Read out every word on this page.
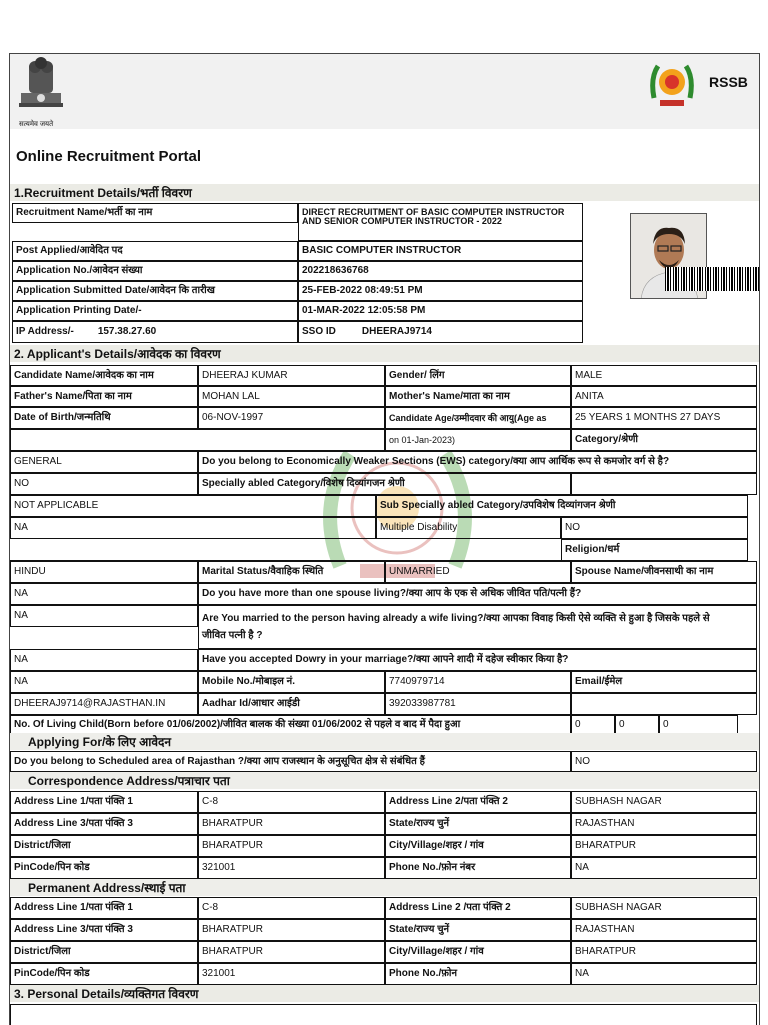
सत्यमेव जयते
RSSB
Online Recruitment Portal
1.Recruitment Details/भर्ती विवरण
Recruitment Name/भर्ती का नाम	DIRECT RECRUITMENT OF BASIC COMPUTER INSTRUCTOR AND SENIOR COMPUTER INSTRUCTOR - 2022
Post Applied/आवेदित पद	BASIC COMPUTER INSTRUCTOR
Application No./आवेदन संख्या	202218636768
Application Submitted Date/आवेदन कि तारीख	25-FEB-2022 08:49:51 PM
Application Printing Date/-	01-MAR-2022 12:05:58 PM
IP Address/- 157.38.27.60	SSO ID	DHEERAJ9714
2. Applicant's Details/आवेदक का विवरण
Candidate Name/आवेदक का नाम	DHEERAJ KUMAR	Gender/ लिंग	MALE
Father's Name/पिता का नाम	MOHAN LAL	Mother's Name/माता का नाम	ANITA
Date of Birth/जन्मतिथि	06-NOV-1997	Candidate Age/उम्मीदवार की आयु(Age as	25 YEARS 1 MONTHS 27 DAYS
on 01-Jan-2023)	Category/श्रेणी
GENERAL	Do you belong to Economically Weaker Sections (EWS) category/क्या आप आर्थिक रूप से कमजोर वर्ग से है?
NO	Specially abled Category/विशेष दिव्यांगजन श्रेणी
NOT APPLICABLE	Sub Specially abled Category/उपविशेष दिव्यांगजन श्रेणी
NA	Multiple Disability	NO
Religion/धर्म
HINDU	Marital Status/वैवाहिक स्थिति	UNMARRIED	Spouse Name/जीवनसाथी का नाम
NA	Do you have more than one spouse living?/क्या आप के एक से अधिक जीवित पति/पत्नी हैं?
NA	Are You married to the person having already a wife living?/क्या आपका विवाह किसी ऐसे व्यक्ति से हुआ है जिसके पहले से
जीवित पत्नी है ?
NA	Have you accepted Dowry in your marriage?/क्या आपने शादी में दहेज स्वीकार किया है?
NA	Mobile No./मोबाइल नं.	7740979714	Email/ईमेल
DHEERAJ9714@RAJASTHAN.IN	Aadhar Id/आधार आईडी	392033987781
No. Of Living Child(Born before 01/06/2002)/जीवित बालक की संख्या 01/06/2002 से पहले व बाद में पैदा हुआ	0	0	0
Applying For/के लिए आवेदन
Do you belong to Scheduled area of Rajasthan ?/क्या आप राजस्थान के अनुसूचित क्षेत्र से संबंधित हैं	NO
Correspondence Address/पत्राचार पता
Address Line 1/पता पंक्ति 1	C-8	Address Line 2/पता पंक्ति 2	SUBHASH NAGAR
Address Line 3/पता पंक्ति 3	BHARATPUR	State/राज्य चुनें	RAJASTHAN
District/जिला	BHARATPUR	City/Village/शहर / गांव	BHARATPUR
PinCode/पिन कोड	321001	Phone No./फ़ोन नंबर	NA
Permanent Address/स्थाई पता
Address Line 1/पता पंक्ति 1	C-8	Address Line 2 /पता पंक्ति 2	SUBHASH NAGAR
Address Line 3/पता पंक्ति 3	BHARATPUR	State/राज्य चुनें	RAJASTHAN
District/जिला	BHARATPUR	City/Village/शहर / गांव	BHARATPUR
PinCode/पिन कोड	321001	Phone No./फ़ोन	NA
3. Personal Details/व्यक्तिगत विवरण
